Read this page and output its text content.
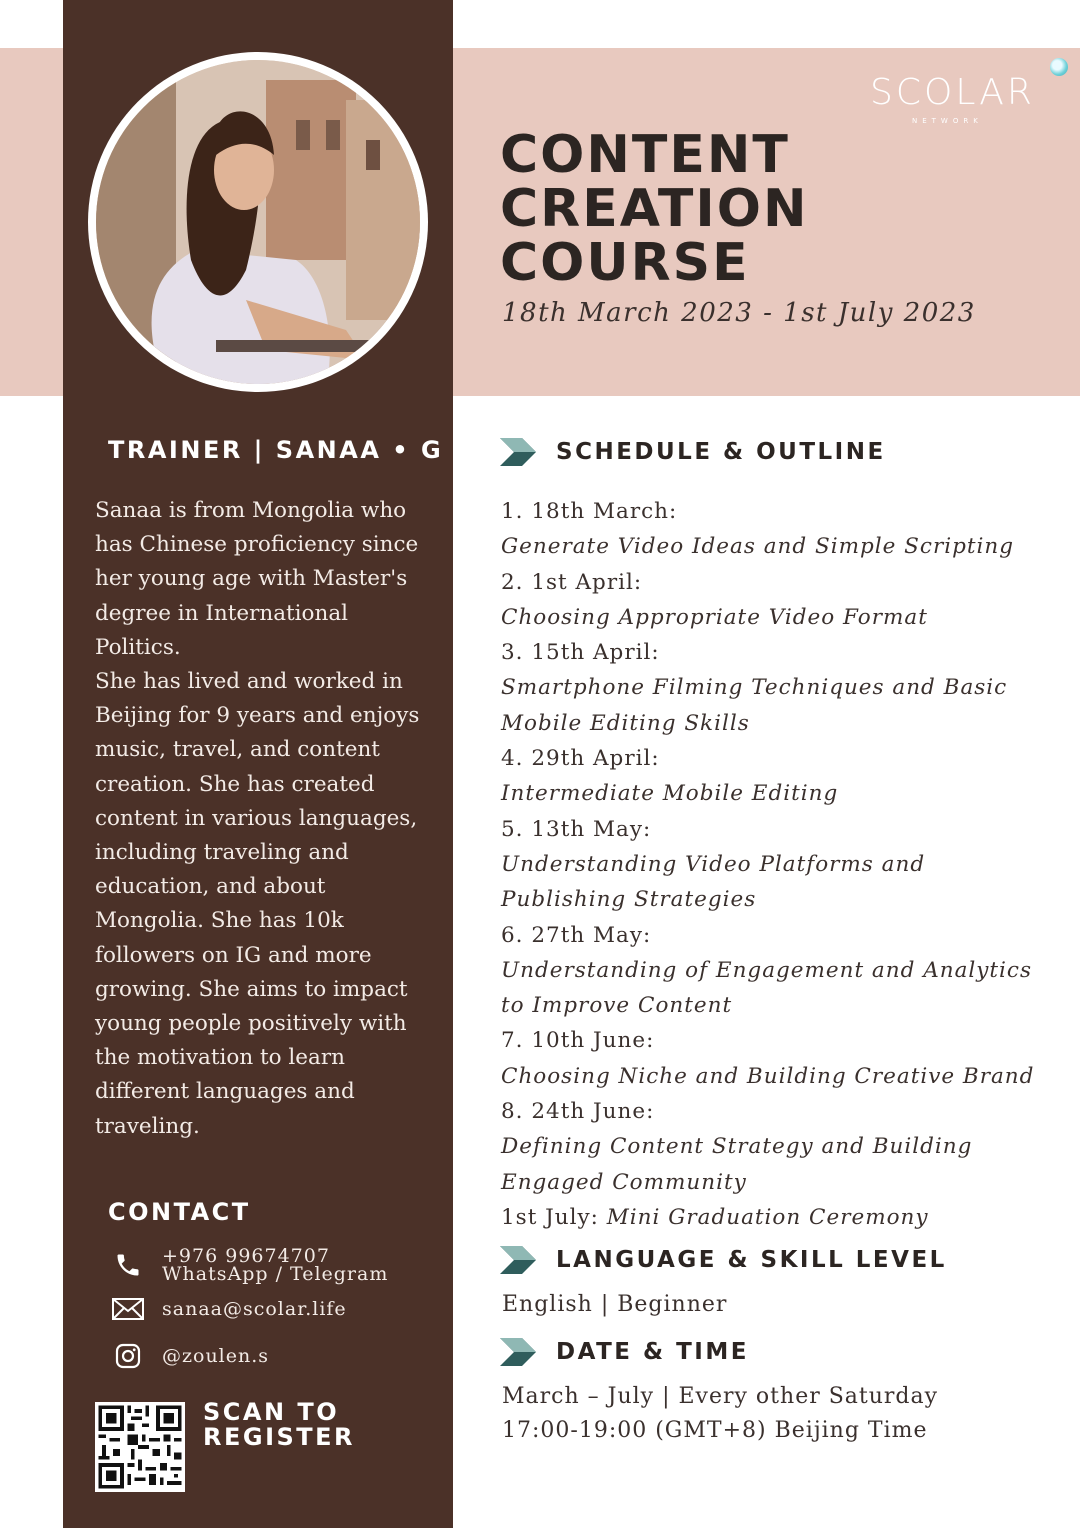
TRAINER | SANAA • G

Sanaa is from Mongolia who has Chinese proficiency since her young age with Master's degree in International Politics.

She has lived and worked in Beijing for 9 years and enjoys music, travel, and content creation. She has created content in various languages, including traveling and education, and about Mongolia. She has 10k followers on IG and more growing. She aims to impact young people positively with the motivation to learn different languages and traveling.

CONTACT
+976 99674707
WhatsApp / Telegram
sanaa@scolar.life
@zoulen.s
SCAN TO
REGISTER
SCOLAR
NETWORK
CONTENT
CREATION
COURSE
18th March 2023 - 1st July 2023
SCHEDULE & OUTLINE
1. 18th March:
Generate Video Ideas and Simple Scripting
2. 1st April:
Choosing Appropriate Video Format
3. 15th April:
Smartphone Filming Techniques and Basic
Mobile Editing Skills
4. 29th April:
Intermediate Mobile Editing
5. 13th May:
Understanding Video Platforms and
Publishing Strategies
6. 27th May:
Understanding of Engagement and Analytics
to Improve Content
7. 10th June:
Choosing Niche and Building Creative Brand
8. 24th June:
Defining Content Strategy and Building
Engaged Community
1st July: Mini Graduation Ceremony
LANGUAGE & SKILL LEVEL
English | Beginner
DATE & TIME
March – July | Every other Saturday
17:00-19:00 (GMT+8) Beijing Time
